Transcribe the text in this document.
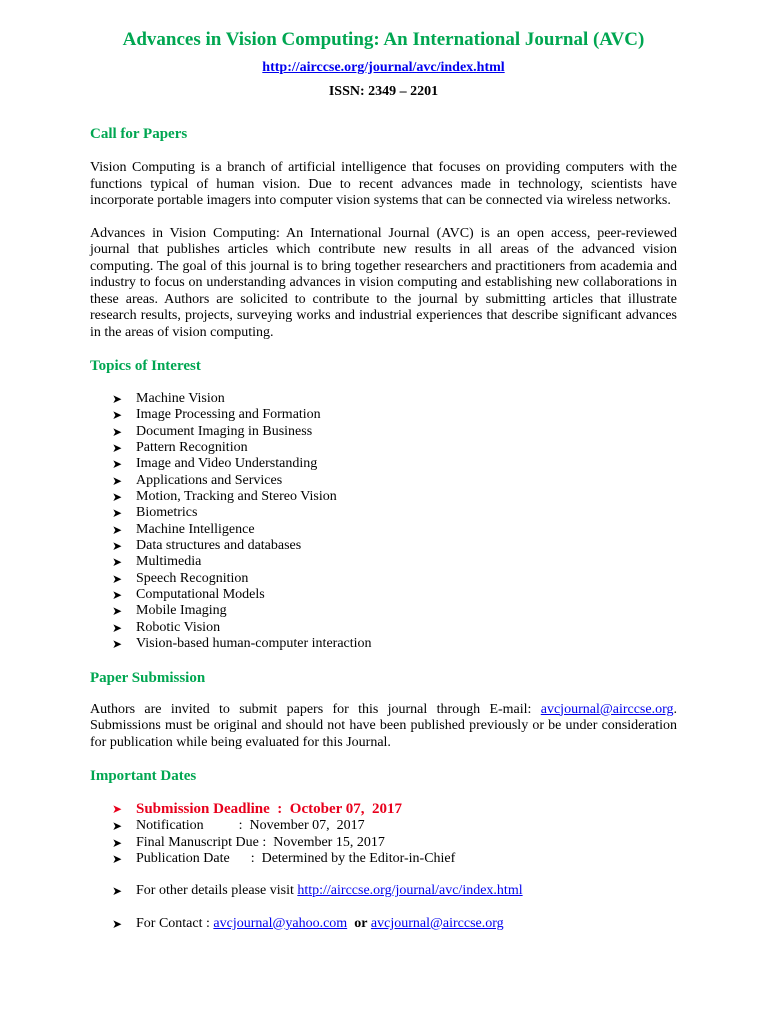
Advances in Vision Computing: An International Journal (AVC)
http://airccse.org/journal/avc/index.html
ISSN: 2349 – 2201
Call for Papers

Vision Computing is a branch of artificial intelligence that focuses on providing computers with the functions typical of human vision. Due to recent advances made in technology, scientists have incorporate portable imagers into computer vision systems that can be connected via wireless networks.

Advances in Vision Computing: An International Journal (AVC) is an open access, peer-reviewed journal that publishes articles which contribute new results in all areas of the advanced vision computing. The goal of this journal is to bring together researchers and practitioners from academia and industry to focus on understanding advances in vision computing and establishing new collaborations in these areas. Authors are solicited to contribute to the journal by submitting articles that illustrate research results, projects, surveying works and industrial experiences that describe significant advances in the areas of vision computing.

Topics of Interest
➤ Machine Vision
➤ Image Processing and Formation
➤ Document Imaging in Business
➤ Pattern Recognition
➤ Image and Video Understanding
➤ Applications and Services
➤ Motion, Tracking and Stereo Vision
➤ Biometrics
➤ Machine Intelligence
➤ Data structures and databases
➤ Multimedia
➤ Speech Recognition
➤ Computational Models
➤ Mobile Imaging
➤ Robotic Vision
➤ Vision-based human-computer interaction
Paper Submission

Authors are invited to submit papers for this journal through E-mail: avcjournal@airccse.org. Submissions must be original and should not have been published previously or be under consideration for publication while being evaluated for this Journal.

Important Dates
➤ Submission Deadline  :  October 07,  2017
➤ Notification          :  November 07,  2017
➤ Final Manuscript Due :  November 15, 2017
➤ Publication Date      :  Determined by the Editor-in-Chief
➤ For other details please visit http://airccse.org/journal/avc/index.html
➤ For Contact : avcjournal@yahoo.com or avcjournal@airccse.org
